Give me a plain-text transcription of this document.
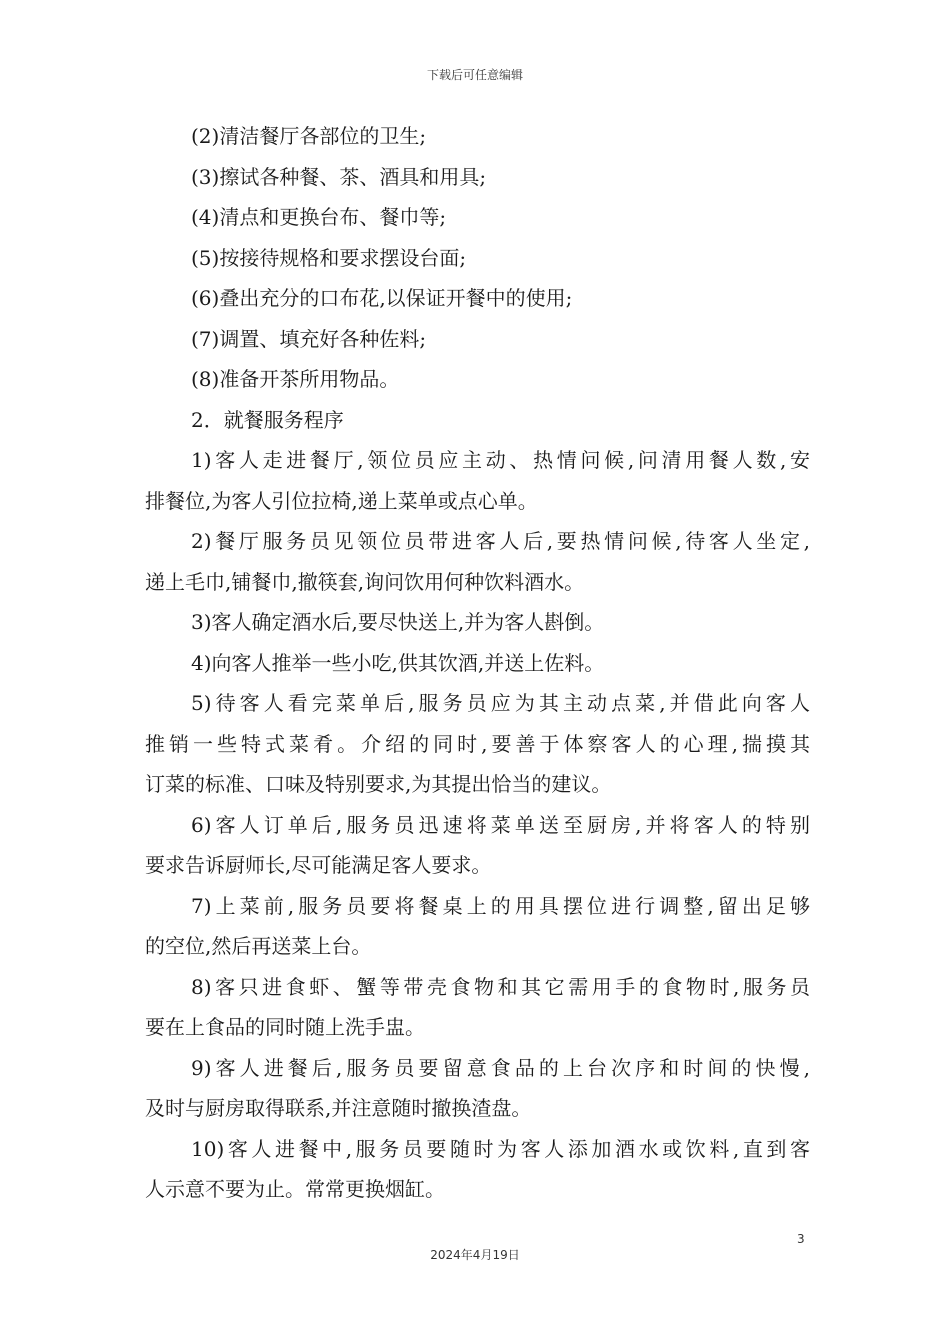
下载后可任意编辑
(2)清洁餐厅各部位的卫生;
(3)擦试各种餐、茶、酒具和用具;
(4)清点和更换台布、餐巾等;
(5)按接待规格和要求摆设台面;
(6)叠出充分的口布花,以保证开餐中的使用;
(7)调置、填充好各种佐料;
(8)准备开茶所用物品。
2．就餐服务程序
1)客人走进餐厅,领位员应主动、热情问候,问清用餐人数,安
排餐位,为客人引位拉椅,递上菜单或点心单。
2)餐厅服务员见领位员带进客人后,要热情问候,待客人坐定,
递上毛巾,铺餐巾,撤筷套,询问饮用何种饮料酒水。
3)客人确定酒水后,要尽快送上,并为客人斟倒。
4)向客人推举一些小吃,供其饮酒,并送上佐料。
5)待客人看完菜单后,服务员应为其主动点菜,并借此向客人
推销一些特式菜肴。介绍的同时,要善于体察客人的心理,揣摸其
订菜的标准、口味及特别要求,为其提出恰当的建议。
6)客人订单后,服务员迅速将菜单送至厨房,并将客人的特别
要求告诉厨师长,尽可能满足客人要求。
7)上菜前,服务员要将餐桌上的用具摆位进行调整,留出足够
的空位,然后再送菜上台。
8)客只进食虾、蟹等带壳食物和其它需用手的食物时,服务员
要在上食品的同时随上洗手盅。
9)客人进餐后,服务员要留意食品的上台次序和时间的快慢,
及时与厨房取得联系,并注意随时撤换渣盘。
10)客人进餐中,服务员要随时为客人添加酒水或饮料,直到客
人示意不要为止。常常更换烟缸。
3
2024年4月19日
